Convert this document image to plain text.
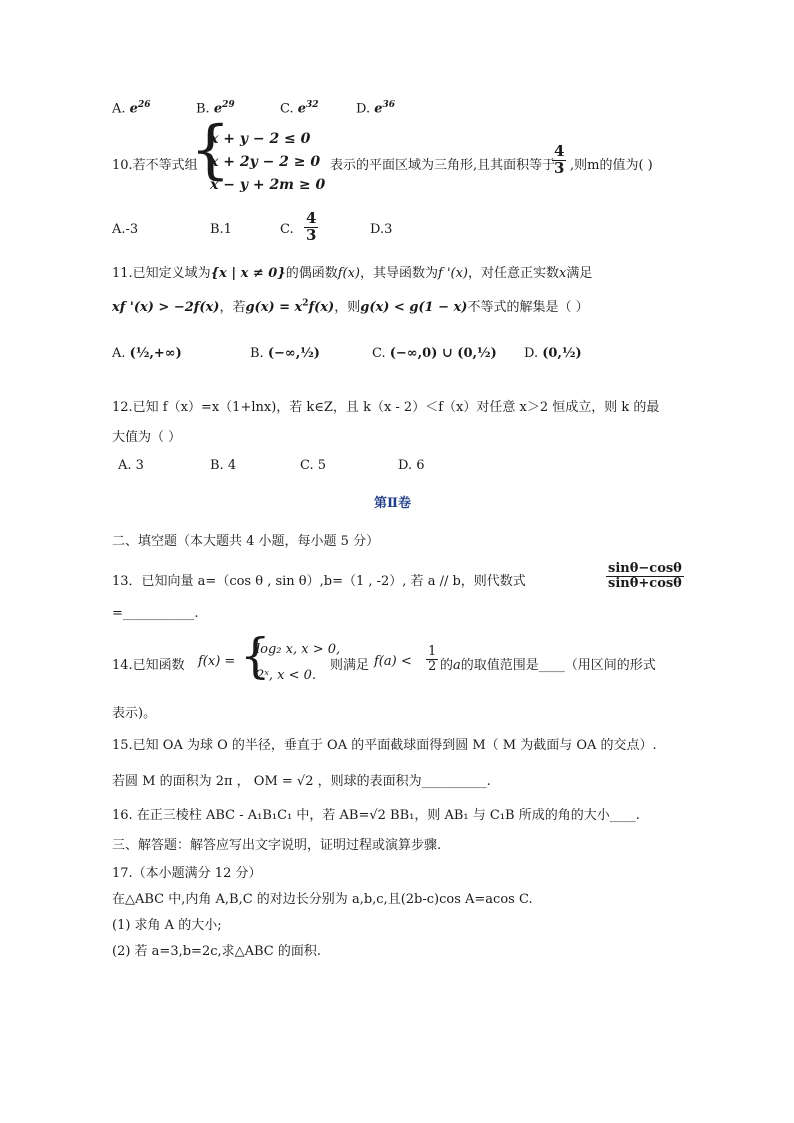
A. $e^{26}$	B. $e^{29}$	C. $e^{32}$	D. $e^{36}$
10.若不等式组
{
x + y − 2 ≤ 0
x + 2y − 2 ≥ 0
x − y + 2m ≥ 0
表示的平面区域为三角形,且其面积等于
$\frac{4}{3}$ ,则m的值为( )
A.-3	B.1	C. $\frac{4}{3}$	D.3
11.已知定义域为{x | x ≠ 0}的偶函数f(x)，其导函数为f '(x)，对任意正实数x满足
xf '(x) > −2f(x)，若$g(x) = x^2f(x)$，则g(x) < g(1 − x)不等式的解集是（ ）
A. (½,+∞)	B. (−∞,½)	C. (−∞,0) ∪ (0,½) D. (0,½)
12.已知 f（x）=x（1+lnx)，若 k∈Z，且 k（x - 2）＜f（x）对任意 x＞2 恒成立，则 k 的最
大值为（ ）
A. 3	B. 4	C. 5	D. 6
第Ⅱ卷
二、填空题（本大题共 4 小题，每小题 5 分）
13．已知向量 a=（cos θ , sin θ）,b=（1 , -2）, 若 a // b，则代数式	$\frac{\sin\theta-\cos\theta}{\sin\theta+\cos\theta}$
=___________.
14.已知函数 f(x) = {
log₂ x, x > 0,
2ˣ, x < 0.
则满足 $f(a) < \frac{1}{2}$ 的a的取值范围是____（用区间的形式
表示)。
15.已知 OA 为球 O 的半径，垂直于 OA 的平面截球面得到圆 M（ M 为截面与 OA 的交点）.
若圆 M 的面积为 2π ， OM = √2 ，则球的表面积为__________.
16. 在正三棱柱 ABC - A₁B₁C₁ 中，若 AB=√2 BB₁，则 AB₁ 与 C₁B 所成的角的大小____.
三、解答题：解答应写出文字说明，证明过程或演算步骤.
17.（本小题满分 12 分）
在△ABC 中,内角 A,B,C 的对边长分别为 a,b,c,且(2b-c)cos A=acos C.
(1) 求角 A 的大小;
(2) 若 a=3,b=2c,求△ABC 的面积.
